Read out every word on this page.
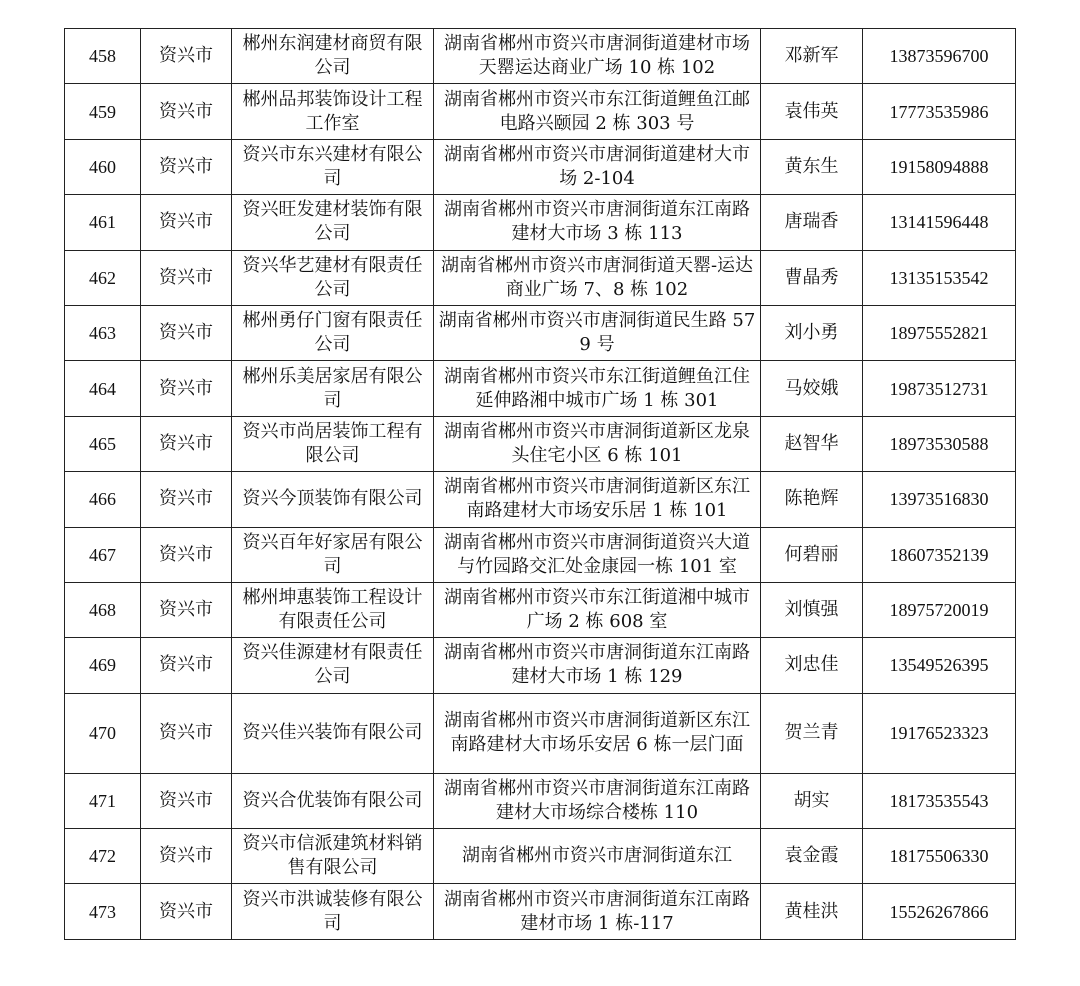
458	资兴市	郴州东润建材商贸有限公司	湖南省郴州市资兴市唐洞街道建材市场天罂运达商业广场 10 栋 102	邓新军	13873596700
459	资兴市	郴州品邦装饰设计工程工作室	湖南省郴州市资兴市东江街道鲤鱼江邮电路兴颐园 2 栋 303 号	袁伟英	17773535986
460	资兴市	资兴市东兴建材有限公司	湖南省郴州市资兴市唐洞街道建材大市场 2-104	黄东生	19158094888
461	资兴市	资兴旺发建材装饰有限公司	湖南省郴州市资兴市唐洞街道东江南路建材大市场 3 栋 113	唐瑞香	13141596448
462	资兴市	资兴华艺建材有限责任公司	湖南省郴州市资兴市唐洞街道天罂-运达商业广场 7、8 栋 102	曹晶秀	13135153542
463	资兴市	郴州勇仔门窗有限责任公司	湖南省郴州市资兴市唐洞街道民生路 579 号	刘小勇	18975552821
464	资兴市	郴州乐美居家居有限公司	湖南省郴州市资兴市东江街道鲤鱼江住延伸路湘中城市广场 1 栋 301	马姣娥	19873512731
465	资兴市	资兴市尚居装饰工程有限公司	湖南省郴州市资兴市唐洞街道新区龙泉头住宅小区 6 栋 101	赵智华	18973530588
466	资兴市	资兴今顶装饰有限公司	湖南省郴州市资兴市唐洞街道新区东江南路建材大市场安乐居 1 栋 101	陈艳辉	13973516830
467	资兴市	资兴百年好家居有限公司	湖南省郴州市资兴市唐洞街道资兴大道与竹园路交汇处金康园一栋 101 室	何碧丽	18607352139
468	资兴市	郴州坤惠装饰工程设计有限责任公司	湖南省郴州市资兴市东江街道湘中城市广场 2 栋 608 室	刘慎强	18975720019
469	资兴市	资兴佳源建材有限责任公司	湖南省郴州市资兴市唐洞街道东江南路建材大市场 1 栋 129	刘忠佳	13549526395
470	资兴市	资兴佳兴装饰有限公司	湖南省郴州市资兴市唐洞街道新区东江南路建材大市场乐安居 6 栋一层门面	贺兰青	19176523323
471	资兴市	资兴合优装饰有限公司	湖南省郴州市资兴市唐洞街道东江南路建材大市场综合楼栋 110	胡实	18173535543
472	资兴市	资兴市信派建筑材料销售有限公司	湖南省郴州市资兴市唐洞街道东江	袁金霞	18175506330
473	资兴市	资兴市洪诚装修有限公司	湖南省郴州市资兴市唐洞街道东江南路建材市场 1 栋-117	黄桂洪	15526267866
